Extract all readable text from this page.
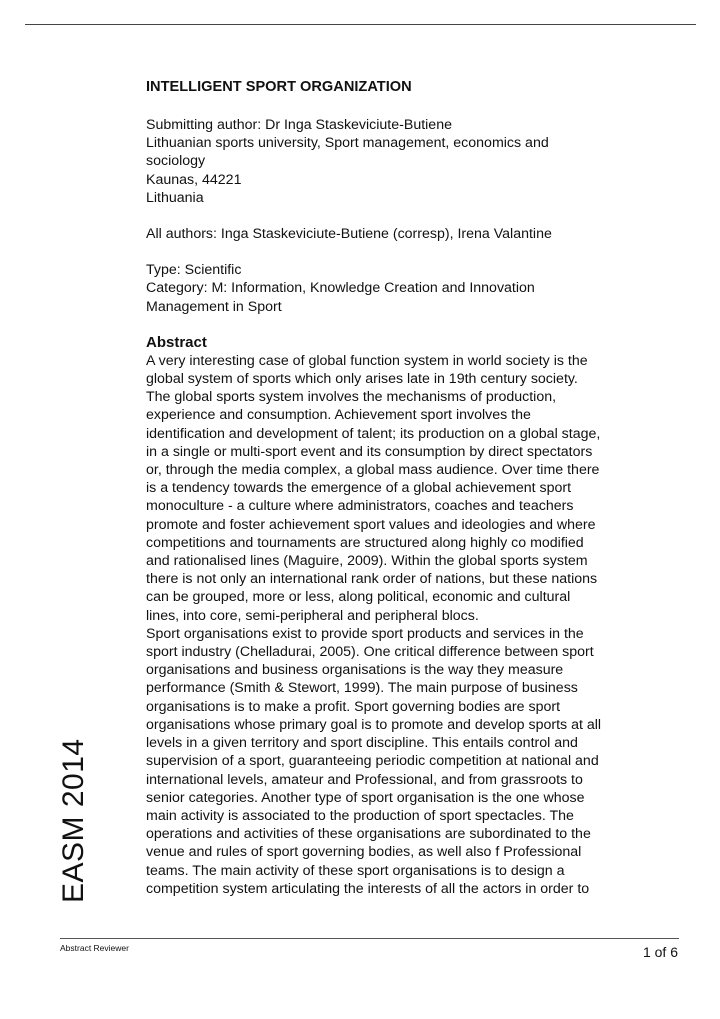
INTELLIGENT SPORT ORGANIZATION
Submitting author: Dr Inga Staskeviciute-Butiene
Lithuanian sports university, Sport management, economics and
sociology
Kaunas, 44221
Lithuania
All authors: Inga Staskeviciute-Butiene (corresp), Irena Valantine
Type: Scientific
Category: M: Information, Knowledge Creation and Innovation
Management in Sport
Abstract
A very interesting case of global function system in world society is the
global system of sports which only arises late in 19th century society.
The global sports system involves the mechanisms of production,
experience and consumption. Achievement sport involves the
identification and development of talent; its production on a global stage,
in a single or multi-sport event and its consumption by direct spectators
or, through the media complex, a global mass audience. Over time there
is a tendency towards the emergence of a global achievement sport
monoculture - a culture where administrators, coaches and teachers
promote and foster achievement sport values and ideologies and where
competitions and tournaments are structured along highly co modified
and rationalised lines (Maguire, 2009). Within the global sports system
there is not only an international rank order of nations, but these nations
can be grouped, more or less, along political, economic and cultural
lines, into core, semi-peripheral and peripheral blocs.
Sport organisations exist to provide sport products and services in the
sport industry (Chelladurai, 2005). One critical difference between sport
organisations and business organisations is the way they measure
performance (Smith & Stewort, 1999). The main purpose of business
organisations is to make a profit. Sport governing bodies are sport
organisations whose primary goal is to promote and develop sports at all
levels in a given territory and sport discipline. This entails control and
supervision of a sport, guaranteeing periodic competition at national and
international levels, amateur and Professional, and from grassroots to
senior categories. Another type of sport organisation is the one whose
main activity is associated to the production of sport spectacles. The
operations and activities of these organisations are subordinated to the
venue and rules of sport governing bodies, as well also f Professional
teams. The main activity of these sport organisations is to design a
competition system articulating the interests of all the actors in order to
EASM 2014
Abstract Reviewer	1 of 6
